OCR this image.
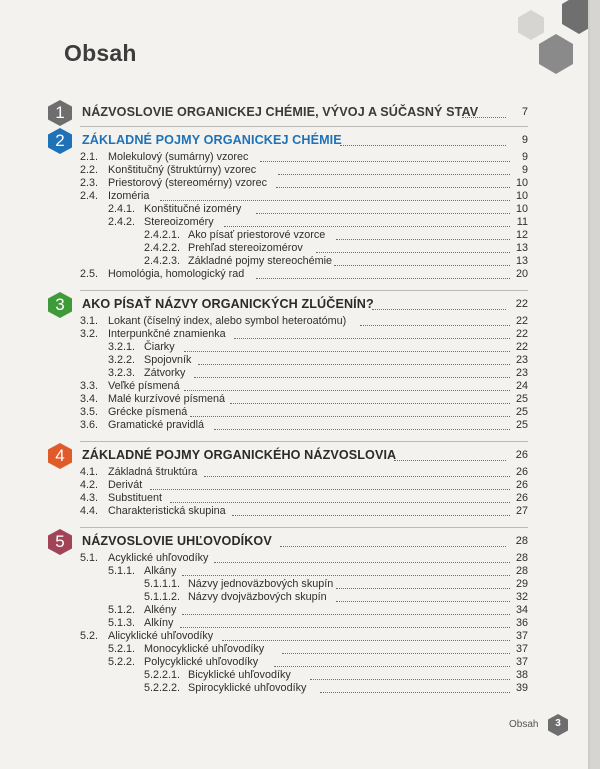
Obsah
1	NÁZVOSLOVIE ORGANICKEJ CHÉMIE, VÝVOJ A SÚČASNÝ STAV	7
2	ZÁKLADNÉ POJMY ORGANICKEJ CHÉMIE	9
2.1. Molekulový (sumárny) vzorec	9
2.2. Konštitučný (štruktúrny) vzorec	9
2.3. Priestorový (stereomérny) vzorec	10
2.4. Izoméria	10
2.4.1. Konštitučné izoméry	10
2.4.2. Stereoizoméry	11
2.4.2.1. Ako písať priestorové vzorce	12
2.4.2.2. Prehľad stereoizomérov	13
2.4.2.3. Základné pojmy stereochémie	13
2.5. Homológia, homologický rad	20
3	AKO PÍSAŤ NÁZVY ORGANICKÝCH ZLÚČENÍN?	22
3.1. Lokant (číselný index, alebo symbol heteroatómu)	22
3.2. Interpunkčné znamienka	22
3.2.1. Čiarky	22
3.2.2. Spojovník	23
3.2.3. Zátvorky	23
3.3. Veľké písmená	24
3.4. Malé kurzívové písmená	25
3.5. Grécke písmená	25
3.6. Gramatické pravidlá	25
4	ZÁKLADNÉ POJMY ORGANICKÉHO NÁZVOSLOVIA	26
4.1. Základná štruktúra	26
4.2. Derivát	26
4.3. Substituent	26
4.4. Charakteristická skupina	27
5	NÁZVOSLOVIE UHĽOVODÍKOV	28
5.1. Acyklické uhľovodíky	28
5.1.1. Alkány	28
5.1.1.1. Názvy jednoväzbových skupín	29
5.1.1.2. Názvy dvojväzbových skupín	32
5.1.2. Alkény	34
5.1.3. Alkíny	36
5.2. Alicyklické uhľovodíky	37
5.2.1. Monocyklické uhľovodíky	37
5.2.2. Polycyklické uhľovodíky	37
5.2.2.1. Bicyklické uhľovodíky	38
5.2.2.2. Spirocyklické uhľovodíky	39
Obsah	3
